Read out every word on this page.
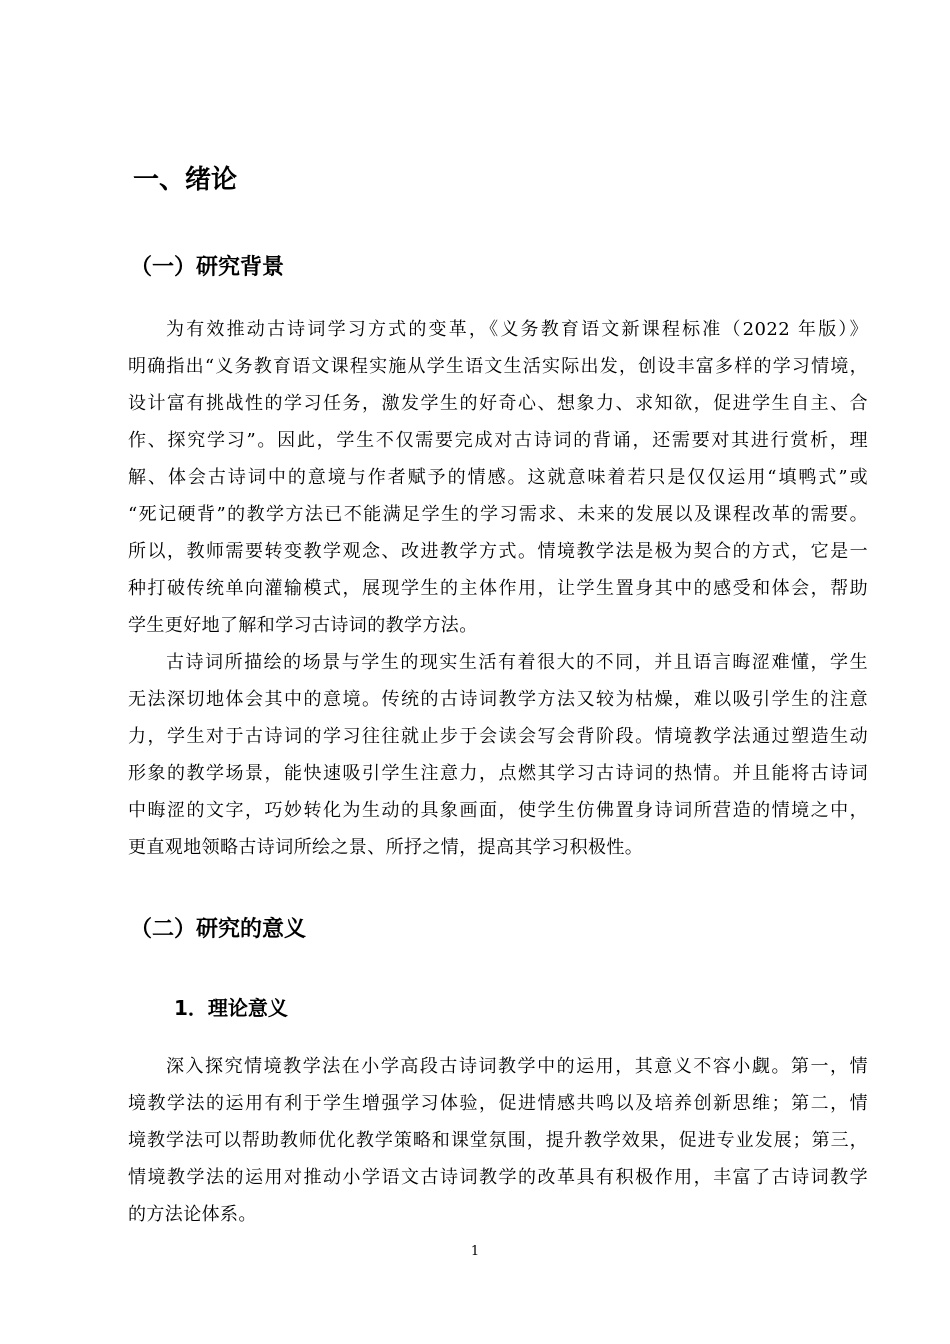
一、绪论
（一）研究背景
为有效推动古诗词学习方式的变革，《义务教育语文新课程标准（2022 年版）》
明确指出“义务教育语文课程实施从学生语文生活实际出发，创设丰富多样的学习情境，
设计富有挑战性的学习任务，激发学生的好奇心、想象力、求知欲，促进学生自主、合
作、探究学习”。因此，学生不仅需要完成对古诗词的背诵，还需要对其进行赏析，理
解、体会古诗词中的意境与作者赋予的情感。这就意味着若只是仅仅运用“填鸭式”或
“死记硬背”的教学方法已不能满足学生的学习需求、未来的发展以及课程改革的需要。
所以，教师需要转变教学观念、改进教学方式。情境教学法是极为契合的方式，它是一
种打破传统单向灌输模式，展现学生的主体作用，让学生置身其中的感受和体会，帮助
学生更好地了解和学习古诗词的教学方法。
古诗词所描绘的场景与学生的现实生活有着很大的不同，并且语言晦涩难懂，学生
无法深切地体会其中的意境。传统的古诗词教学方法又较为枯燥，难以吸引学生的注意
力，学生对于古诗词的学习往往就止步于会读会写会背阶段。情境教学法通过塑造生动
形象的教学场景，能快速吸引学生注意力，点燃其学习古诗词的热情。并且能将古诗词
中晦涩的文字，巧妙转化为生动的具象画面，使学生仿佛置身诗词所营造的情境之中，
更直观地领略古诗词所绘之景、所抒之情，提高其学习积极性。
（二）研究的意义
1．理论意义
深入探究情境教学法在小学高段古诗词教学中的运用，其意义不容小觑。第一，情
境教学法的运用有利于学生增强学习体验，促进情感共鸣以及培养创新思维；第二，情
境教学法可以帮助教师优化教学策略和课堂氛围，提升教学效果，促进专业发展；第三，
情境教学法的运用对推动小学语文古诗词教学的改革具有积极作用，丰富了古诗词教学
的方法论体系。
1
